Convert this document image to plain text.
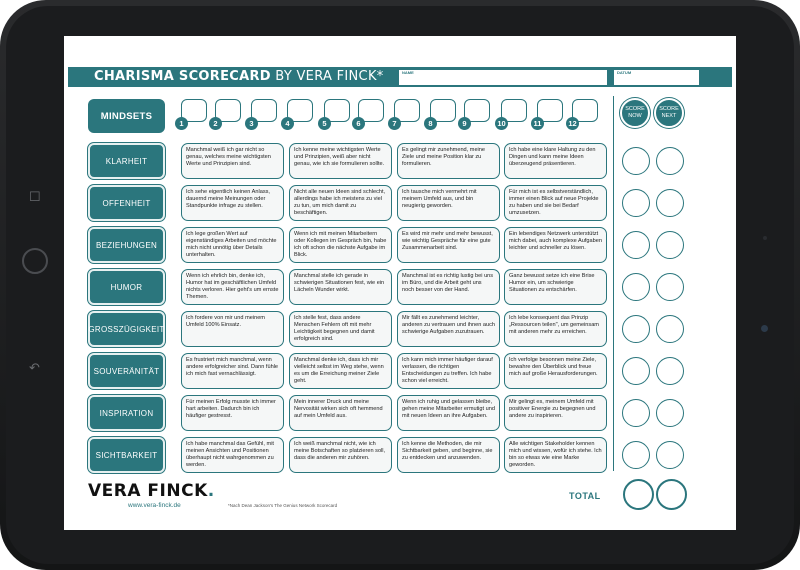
☐
↶
CHARISMA SCORECARD BY VERA FINCK*	NAME	DATUM
MINDSETS
1	2	3	4	5	6	7	8	9	10	11	12
SCORE
NOW
SCORE
NEXT
KLARHEIT
Manchmal weiß ich gar nicht so genau, welches meine wichtigsten Werte und Prinzipien sind.
Ich kenne meine wichtigsten Werte und Prinzipien, weiß aber nicht genau, wie ich sie formulieren sollte.
Es gelingt mir zunehmend, meine Ziele und meine Position klar zu formulieren.
Ich habe eine klare Haltung zu den Dingen und kann meine Ideen überzeugend präsentieren.
OFFENHEIT
Ich sehe eigentlich keinen Anlass, dauernd meine Meinungen oder Standpunkte infrage zu stellen.
Nicht alle neuen Ideen sind schlecht, allerdings habe ich meistens zu viel zu tun, um mich damit zu beschäftigen.
Ich tausche mich vermehrt mit meinem Umfeld aus, und bin neugierig geworden.
Für mich ist es selbstverständlich, immer einen Blick auf neue Projekte zu haben und sie bei Bedarf umzusetzen.
BEZIEHUNGEN
Ich lege großen Wert auf eigenständiges Arbeiten und möchte mich nicht unnötig über Details unterhalten.
Wenn ich mit meinen Mitarbeitern oder Kollegen im Gespräch bin, habe ich oft schon die nächste Aufgabe im Blick.
Es wird mir mehr und mehr bewusst, wie wichtig Gespräche für eine gute Zusammenarbeit sind.
Ein lebendiges Netzwerk unterstützt mich dabei, auch komplexe Aufgaben leichter und schneller zu lösen.
HUMOR
Wenn ich ehrlich bin, denke ich, Humor hat im geschäftlichen Umfeld nichts verloren. Hier geht's um ernste Themen.
Manchmal stelle ich gerade in schwierigen Situationen fest, wie ein Lächeln Wunder wirkt.
Manchmal ist es richtig lustig bei uns im Büro, und die Arbeit geht uns noch besser von der Hand.
Ganz bewusst setze ich eine Brise Humor ein, um schwierige Situationen zu entschärfen.
GROSSZÜGIGKEIT
Ich fordere von mir und meinem Umfeld 100% Einsatz.
Ich stelle fest, dass andere Menschen Fehlern oft mit mehr Leichtigkeit begegnen und damit erfolgreich sind.
Mir fällt es zunehmend leichter, anderen zu vertrauen und ihnen auch schwierige Aufgaben zuzutrauen.
Ich lebe konsequent das Prinzip „Ressourcen teilen", um gemeinsam mit anderen mehr zu erreichen.
SOUVERÄNITÄT
Es frustriert mich manchmal, wenn andere erfolgreicher sind. Dann fühle ich mich fast vernachlässigt.
Manchmal denke ich, dass ich mir vielleicht selbst im Weg stehe, wenn es um die Erreichung meiner Ziele geht.
Ich kann mich immer häufiger darauf verlassen, die richtigen Entscheidungen zu treffen. Ich habe schon viel erreicht.
Ich verfolge besonnen meine Ziele, bewahre den Überblick und freue mich auf große Herausforderungen.
INSPIRATION
Für meinen Erfolg musste ich immer hart arbeiten. Dadurch bin ich häufiger gestresst.
Mein innerer Druck und meine Nervosität wirken sich oft hemmend auf mein Umfeld aus.
Wenn ich ruhig und gelassen bleibe, gehen meine Mitarbeiter ermutigt und mit neuen Ideen an ihre Aufgaben.
Mir gelingt es, meinem Umfeld mit positiver Energie zu begegnen und andere zu inspirieren.
SICHTBARKEIT
Ich habe manchmal das Gefühl, mit meinen Ansichten und Positionen überhaupt nicht wahrgenommen zu werden.
Ich weiß manchmal nicht, wie ich meine Botschaften so platzieren soll, dass die anderen mir zuhören.
Ich kenne die Methoden, die mir Sichtbarkeit geben, und beginne, sie zu entdecken und anzuwenden.
Alle wichtigen Stakeholder kennen mich und wissen, wofür ich stehe. Ich bin so etwas wie eine Marke geworden.
VERA FINCK.
www.vera-finck.de	*Nach Dean Jackson's The Genius Network Scorecard
TOTAL
